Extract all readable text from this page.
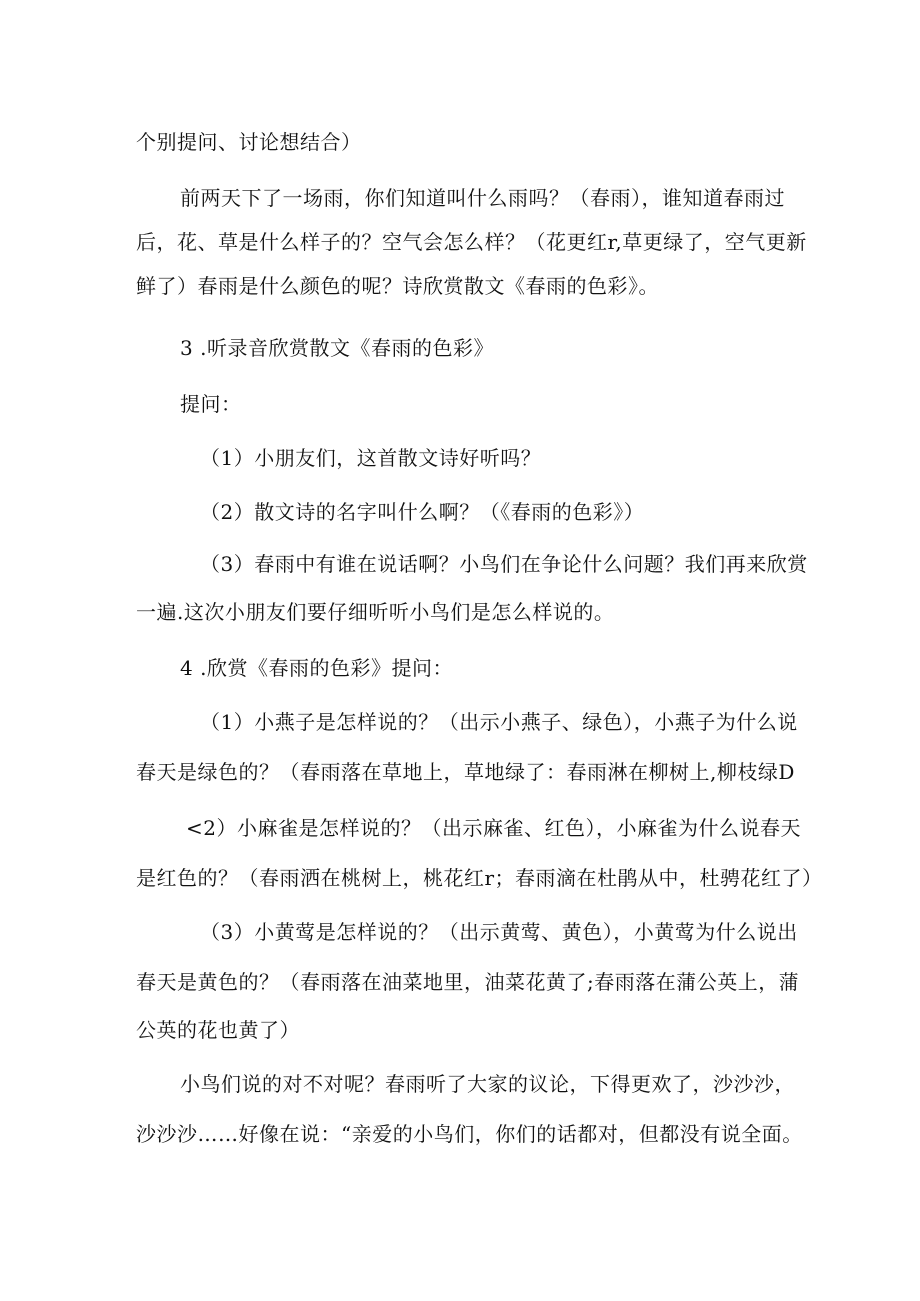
个别提问、讨论想结合）
前两天下了一场雨，你们知道叫什么雨吗？（春雨），谁知道春雨过
后，花、草是什么样子的？空气会怎么样？（花更红r,草更绿了，空气更新
鲜了）春雨是什么颜色的呢？诗欣赏散文《春雨的色彩》。
3 .听录音欣赏散文《春雨的色彩》
提问：
（1）小朋友们，这首散文诗好听吗？
（2）散文诗的名字叫什么啊？（《春雨的色彩》）
（3）春雨中有谁在说话啊？小鸟们在争论什么问题？我们再来欣赏
一遍.这次小朋友们要仔细听听小鸟们是怎么样说的。
4 .欣赏《春雨的色彩》提问：
（1）小燕子是怎样说的？（出示小燕子、绿色），小燕子为什么说
春天是绿色的？（春雨落在草地上，草地绿了：春雨淋在柳树上,柳枝绿D
<2）小麻雀是怎样说的？（出示麻雀、红色），小麻雀为什么说春天
是红色的？（春雨洒在桃树上，桃花红r；春雨滴在杜鹃从中，杜骋花红了）
（3）小黄莺是怎样说的？（出示黄莺、黄色），小黄莺为什么说出
春天是黄色的？（春雨落在油菜地里，油菜花黄了;春雨落在蒲公英上，蒲
公英的花也黄了）
小鸟们说的对不对呢？春雨听了大家的议论，下得更欢了，沙沙沙，
沙沙沙……好像在说：“亲爱的小鸟们，你们的话都对，但都没有说全面。
